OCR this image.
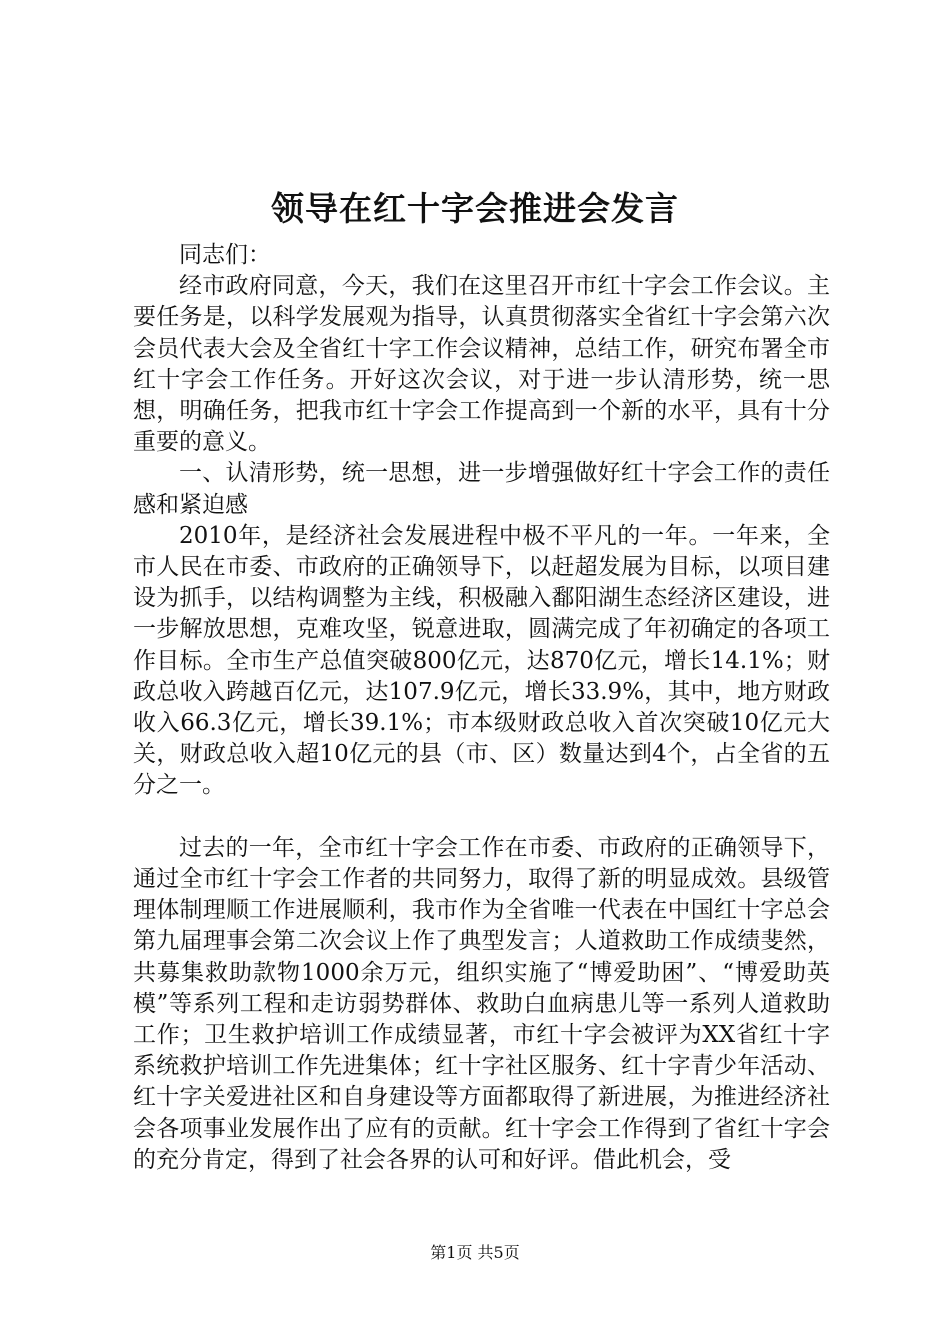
领导在红十字会推进会发言

同志们：

经市政府同意，今天，我们在这里召开市红十字会工作会议。主要任务是，以科学发展观为指导，认真贯彻落实全省红十字会第六次会员代表大会及全省红十字工作会议精神，总结工作，研究布署全市红十字会工作任务。开好这次会议，对于进一步认清形势，统一思想，明确任务，把我市红十字会工作提高到一个新的水平，具有十分重要的意义。

一、认清形势，统一思想，进一步增强做好红十字会工作的责任感和紧迫感

2010年，是经济社会发展进程中极不平凡的一年。一年来，全市人民在市委、市政府的正确领导下，以赶超发展为目标，以项目建设为抓手，以结构调整为主线，积极融入鄱阳湖生态经济区建设，进一步解放思想，克难攻坚，锐意进取，圆满完成了年初确定的各项工作目标。全市生产总值突破800亿元，达870亿元，增长14.1%；财政总收入跨越百亿元，达107.9亿元，增长33.9%，其中，地方财政收入66.3亿元，增长39.1%；市本级财政总收入首次突破10亿元大关，财政总收入超10亿元的县（市、区）数量达到4个，占全省的五分之一。

过去的一年，全市红十字会工作在市委、市政府的正确领导下，通过全市红十字会工作者的共同努力，取得了新的明显成效。县级管理体制理顺工作进展顺利，我市作为全省唯一代表在中国红十字总会第九届理事会第二次会议上作了典型发言；人道救助工作成绩斐然，共募集救助款物1000余万元，组织实施了“博爱助困”、“博爱助英模”等系列工程和走访弱势群体、救助白血病患儿等一系列人道救助工作；卫生救护培训工作成绩显著，市红十字会被评为XX省红十字系统救护培训工作先进集体；红十字社区服务、红十字青少年活动、红十字关爱进社区和自身建设等方面都取得了新进展，为推进经济社会各项事业发展作出了应有的贡献。红十字会工作得到了省红十字会的充分肯定，得到了社会各界的认可和好评。借此机会，受

第1页 共5页
